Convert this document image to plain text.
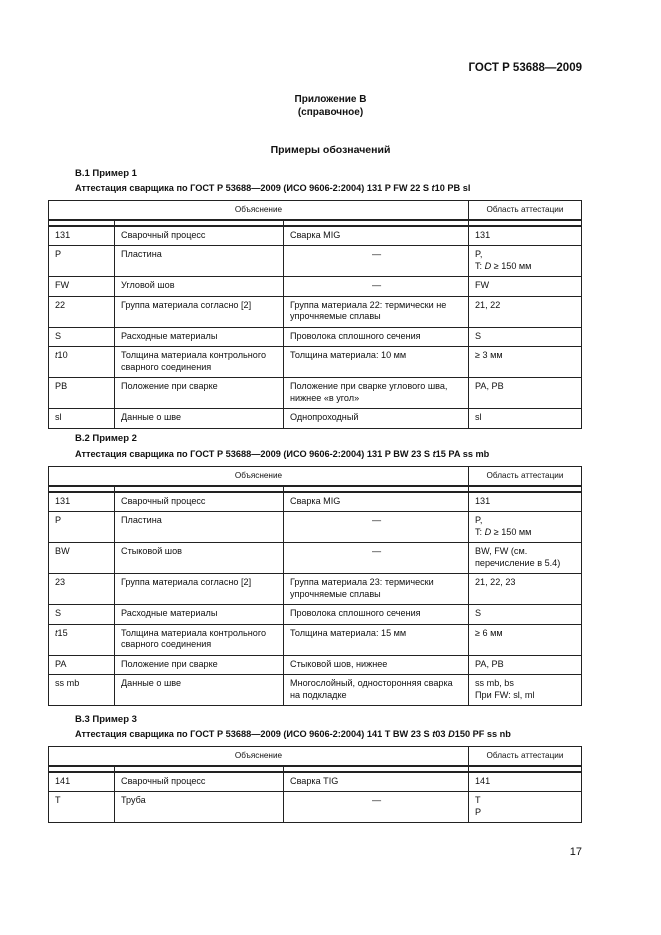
ГОСТ Р 53688—2009
Приложение В
(справочное)
Примеры обозначений
В.1 Пример 1
Аттестация сварщика по ГОСТ Р 53688—2009 (ИСО 9606-2:2004) 131 P FW 22 S t10 PB sl
Объяснение			Область аттестации

131	Сварочный процесс	Сварка MIG	131
P	Пластина	—	P,
T: D ≥ 150 мм
FW	Угловой шов	—	FW
22	Группа материала согласно [2]	Группа материала 22: термически не упрочняемые сплавы	21, 22
S	Расходные материалы	Проволока сплошного сечения	S
t10	Толщина материала контрольного сварного соединения	Толщина материала: 10 мм	≥ 3 мм
PB	Положение при сварке	Положение при сварке углового шва, нижнее «в угол»	PA, PB
sl	Данные о шве	Однопроходный	sl
В.2 Пример 2
Аттестация сварщика по ГОСТ Р 53688—2009 (ИСО 9606-2:2004) 131 P BW 23 S t15 PA ss mb
Объяснение			Область аттестации

131	Сварочный процесс	Сварка MIG	131
P	Пластина	—	P,
T: D ≥ 150 мм
BW	Стыковой шов	—	BW, FW (см. перечисление в 5.4)
23	Группа материала согласно [2]	Группа материала 23: термически упрочняемые сплавы	21, 22, 23
S	Расходные материалы	Проволока сплошного сечения	S
t15	Толщина материала контрольного сварного соединения	Толщина материала: 15 мм	≥ 6 мм
PA	Положение при сварке	Стыковой шов, нижнее	PA, PB
ss mb	Данные о шве	Многослойный, односторонняя сварка на подкладке	ss mb, bs
При FW: sl, ml
В.3 Пример 3
Аттестация сварщика по ГОСТ Р 53688—2009 (ИСО 9606-2:2004) 141 T BW 23 S t03 D150 PF ss nb
Объяснение			Область аттестации

141	Сварочный процесс	Сварка TIG	141
T	Труба	—	T
P
17
